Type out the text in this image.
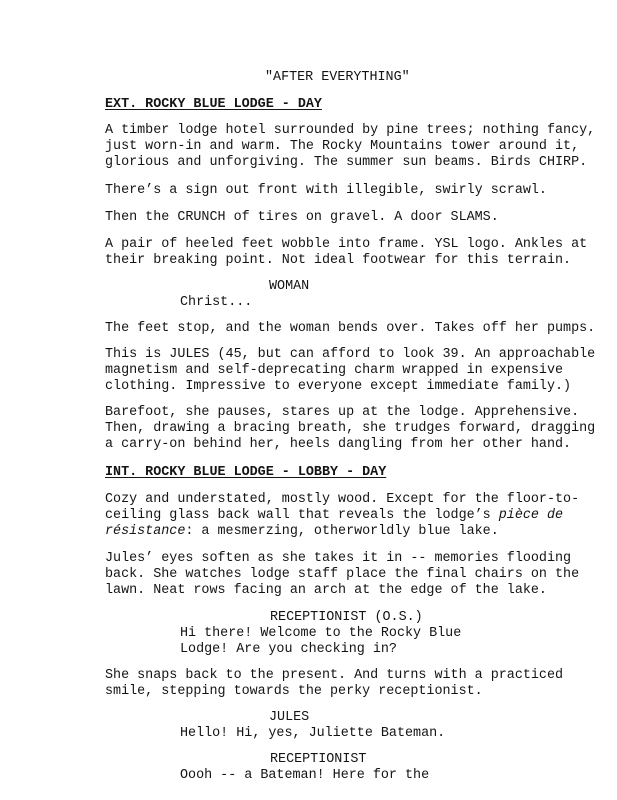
"AFTER EVERYTHING"
EXT. ROCKY BLUE LODGE - DAY
A timber lodge hotel surrounded by pine trees; nothing fancy,
just worn-in and warm. The Rocky Mountains tower around it,
glorious and unforgiving. The summer sun beams. Birds CHIRP.
There’s a sign out front with illegible, swirly scrawl.
Then the CRUNCH of tires on gravel. A door SLAMS.
A pair of heeled feet wobble into frame. YSL logo. Ankles at
their breaking point. Not ideal footwear for this terrain.
WOMAN
Christ...
The feet stop, and the woman bends over. Takes off her pumps.
This is JULES (45, but can afford to look 39. An approachable
magnetism and self-deprecating charm wrapped in expensive
clothing. Impressive to everyone except immediate family.)
Barefoot, she pauses, stares up at the lodge. Apprehensive.
Then, drawing a bracing breath, she trudges forward, dragging
a carry-on behind her, heels dangling from her other hand.
INT. ROCKY BLUE LODGE - LOBBY - DAY
Cozy and understated, mostly wood. Except for the floor-to-
ceiling glass back wall that reveals the lodge’s pièce de
résistance: a mesmerzing, otherworldly blue lake.
Jules’ eyes soften as she takes it in -- memories flooding
back. She watches lodge staff place the final chairs on the
lawn. Neat rows facing an arch at the edge of the lake.
RECEPTIONIST (O.S.)
Hi there! Welcome to the Rocky Blue
Lodge! Are you checking in?
She snaps back to the present. And turns with a practiced
smile, stepping towards the perky receptionist.
JULES
Hello! Hi, yes, Juliette Bateman.
RECEPTIONIST
Oooh -- a Bateman! Here for the
